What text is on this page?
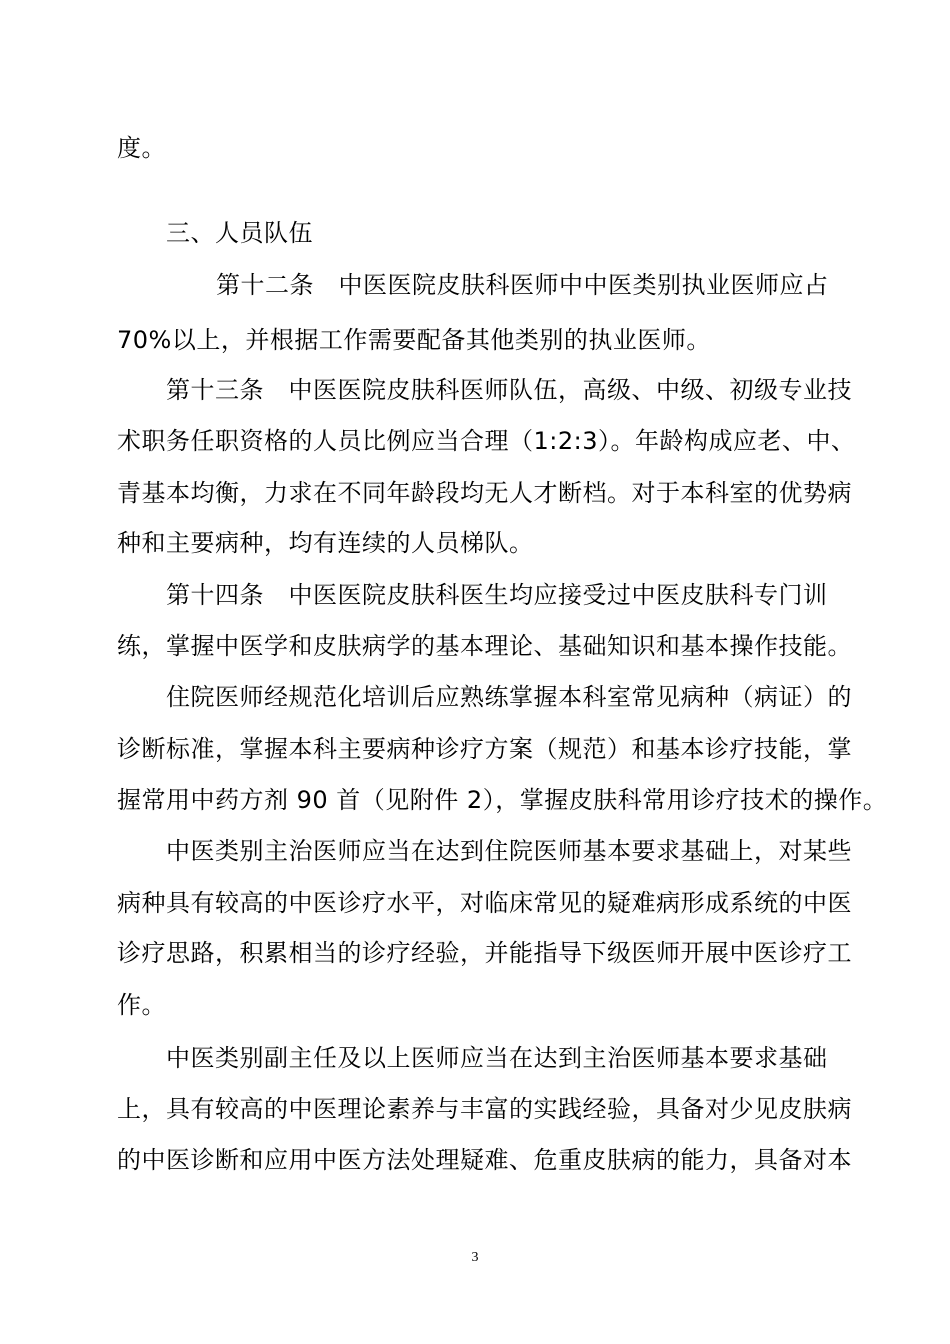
度。
三、人员队伍
第十二条　中医医院皮肤科医师中中医类别执业医师应占
70%以上，并根据工作需要配备其他类别的执业医师。
第十三条　中医医院皮肤科医师队伍，高级、中级、初级专业技
术职务任职资格的人员比例应当合理（1:2:3）。年龄构成应老、中、
青基本均衡，力求在不同年龄段均无人才断档。对于本科室的优势病
种和主要病种，均有连续的人员梯队。
第十四条　中医医院皮肤科医生均应接受过中医皮肤科专门训
练，掌握中医学和皮肤病学的基本理论、基础知识和基本操作技能。
住院医师经规范化培训后应熟练掌握本科室常见病种（病证）的
诊断标准，掌握本科主要病种诊疗方案（规范）和基本诊疗技能，掌
握常用中药方剂 90 首（见附件 2），掌握皮肤科常用诊疗技术的操作。
中医类别主治医师应当在达到住院医师基本要求基础上，对某些
病种具有较高的中医诊疗水平，对临床常见的疑难病形成系统的中医
诊疗思路，积累相当的诊疗经验，并能指导下级医师开展中医诊疗工
作。
中医类别副主任及以上医师应当在达到主治医师基本要求基础
上，具有较高的中医理论素养与丰富的实践经验，具备对少见皮肤病
的中医诊断和应用中医方法处理疑难、危重皮肤病的能力，具备对本
3
